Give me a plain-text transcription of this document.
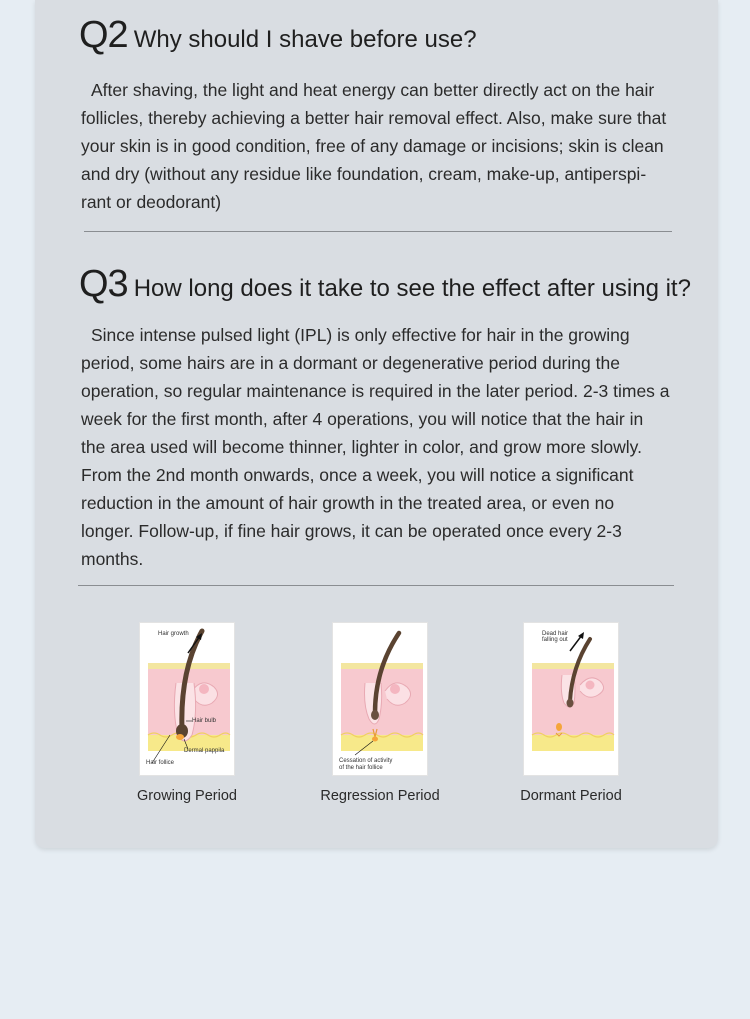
Q2 Why should I shave before use?

After shaving, the light and heat energy can better directly act on the hair follicles, thereby achieving a better hair removal effect. Also, make sure that your skin is in good condition, free of any damage or incisions; skin is clean and dry (without any residue like foundation, cream, make-up, antiperspi-rant or deodorant)

Q3 How long does it take to see the effect after using it?

Since intense pulsed light (IPL) is only effective for hair in the growing period, some hairs are in a dormant or degenerative period during the operation, so regular maintenance is required in the later period. 2-3 times a week for the first month, after 4 operations, you will notice that the hair in the area used will become thinner, lighter in color, and grow more slowly. From the 2nd month onwards, once a week, you will notice a significant reduction in the amount of hair growth in the treated area, or even no longer. Follow-up, if fine hair grows, it can be operated once every 2-3 months.

Hair growth
Hair bulb
Dermal pappila
Hair follice
Growing Period
Cessation of activity
of the hair follice
Regression Period
Dead hair
falling out
Dormant Period
